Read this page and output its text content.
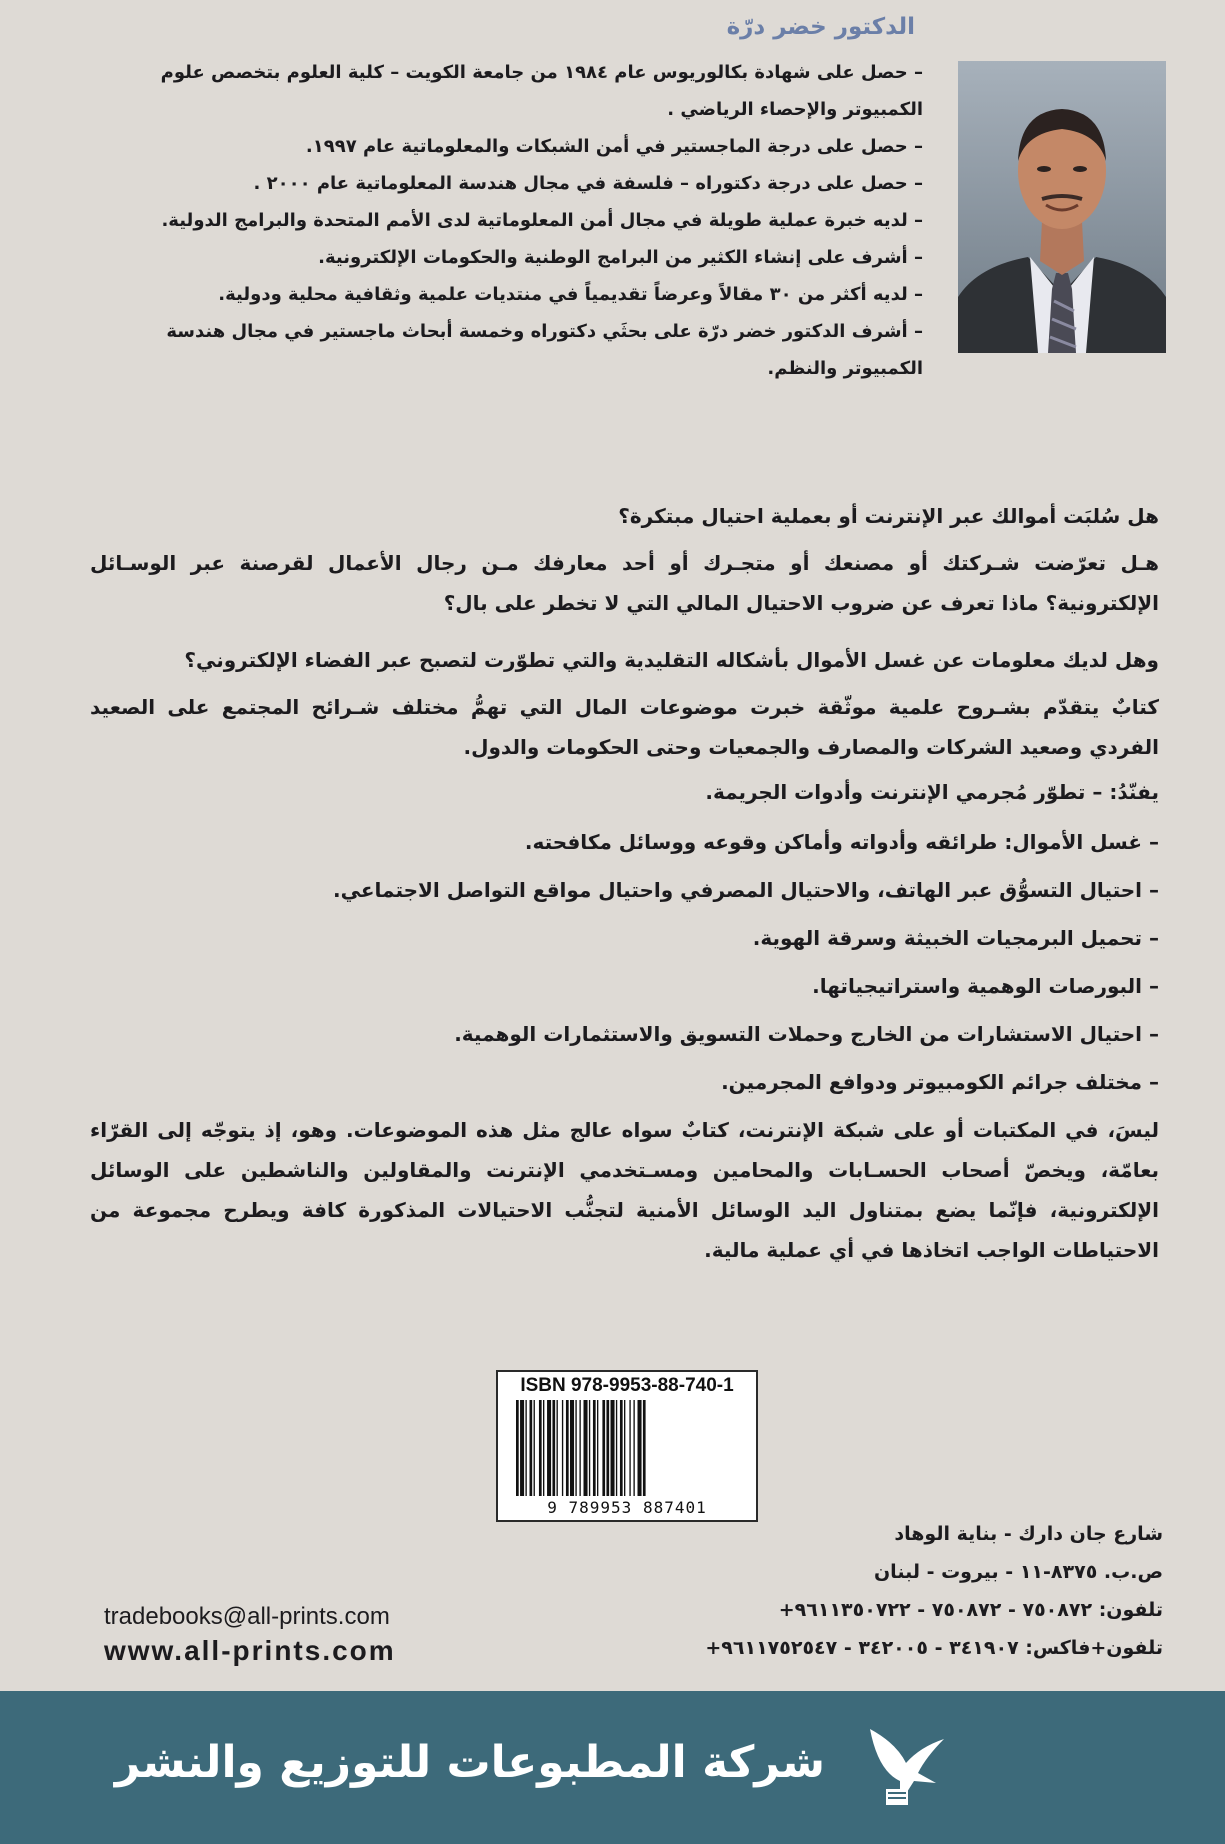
الدكتور خضر درّة
– حصل على شهادة بكالوريوس عام ١٩٨٤ من جامعة الكويت – كلية العلوم بتخصص علوم الكمبيوتر والإحصاء الرياضي .
– حصل على درجة الماجستير في أمن الشبكات والمعلوماتية عام ١٩٩٧.
– حصل على درجة دكتوراه – فلسفة في مجال هندسة المعلوماتية عام ٢٠٠٠ .
– لديه خبرة عملية طويلة في مجال أمن المعلوماتية لدى الأمم المتحدة والبرامج الدولية.
– أشرف على إنشاء الكثير من البرامج الوطنية والحكومات الإلكترونية.
– لديه أكثر من ٣٠ مقالاً وعرضاً تقديمياً في منتديات علمية وثقافية محلية ودولية.
– أشرف الدكتور خضر درّة على بحثَي دكتوراه وخمسة أبحاث ماجستير في مجال هندسة الكمبيوتر والنظم.

هل سُلبَت أموالك عبر الإنترنت أو بعملية احتيال مبتكرة؟

هـل تعرّضت شـركتك أو مصنعك أو متجـرك أو أحد معارفك مـن رجال الأعمال لقرصنة عبر الوسـائل الإلكترونية؟ ماذا تعرف عن ضروب الاحتيال المالي التي لا تخطر على بال؟

وهل لديك معلومات عن غسل الأموال بأشكاله التقليدية والتي تطوّرت لتصبح عبر الفضاء الإلكتروني؟

كتابٌ يتقدّم بشـروح علمية موثّقة خبرت موضوعات المال التي تهمُّ مختلف شـرائح المجتمع على الصعيد الفردي وصعيد الشركات والمصارف والجمعيات وحتى الحكومات والدول.

يفنّدُ: – تطوّر مُجرمي الإنترنت وأدوات الجريمة.

– غسل الأموال: طرائقه وأدواته وأماكن وقوعه ووسائل مكافحته.
– احتيال التسوُّق عبر الهاتف، والاحتيال المصرفي واحتيال مواقع التواصل الاجتماعي.
– تحميل البرمجيات الخبيثة وسرقة الهوية.
– البورصات الوهمية واستراتيجياتها.
– احتيال الاستشارات من الخارج وحملات التسويق والاستثمارات الوهمية.
– مختلف جرائم الكومبيوتر ودوافع المجرمين.

ليسَ، في المكتبات أو على شبكة الإنترنت، كتابٌ سواه عالج مثل هذه الموضوعات. وهو، إذ يتوجّه إلى القرّاء بعامّة، ويخصّ أصحاب الحسـابات والمحامين ومسـتخدمي الإنترنت والمقاولين والناشطين على الوسائل الإلكترونية، فإنّما يضع بمتناول اليد الوسائل الأمنية لتجنُّب الاحتيالات المذكورة كافة ويطرح مجموعة من الاحتياطات الواجب اتخاذها في أي عملية مالية.

ISBN 978-9953-88-740-1
9 789953 887401
شارع جان دارك - بناية الوهاد
ص.ب. ٨٣٧٥-١١ - بيروت - لبنان
تلفون: ٧٥٠٨٧٢ - ٧٥٠٨٧٢ - ٩٦١١٣٥٠٧٢٢+
تلفون+فاكس: ٣٤١٩٠٧ - ٣٤٢٠٠٥ - ٩٦١١٧٥٢٥٤٧+
tradebooks@all-prints.com
www.all-prints.com
شركة المطبوعات للتوزيع والنشر
